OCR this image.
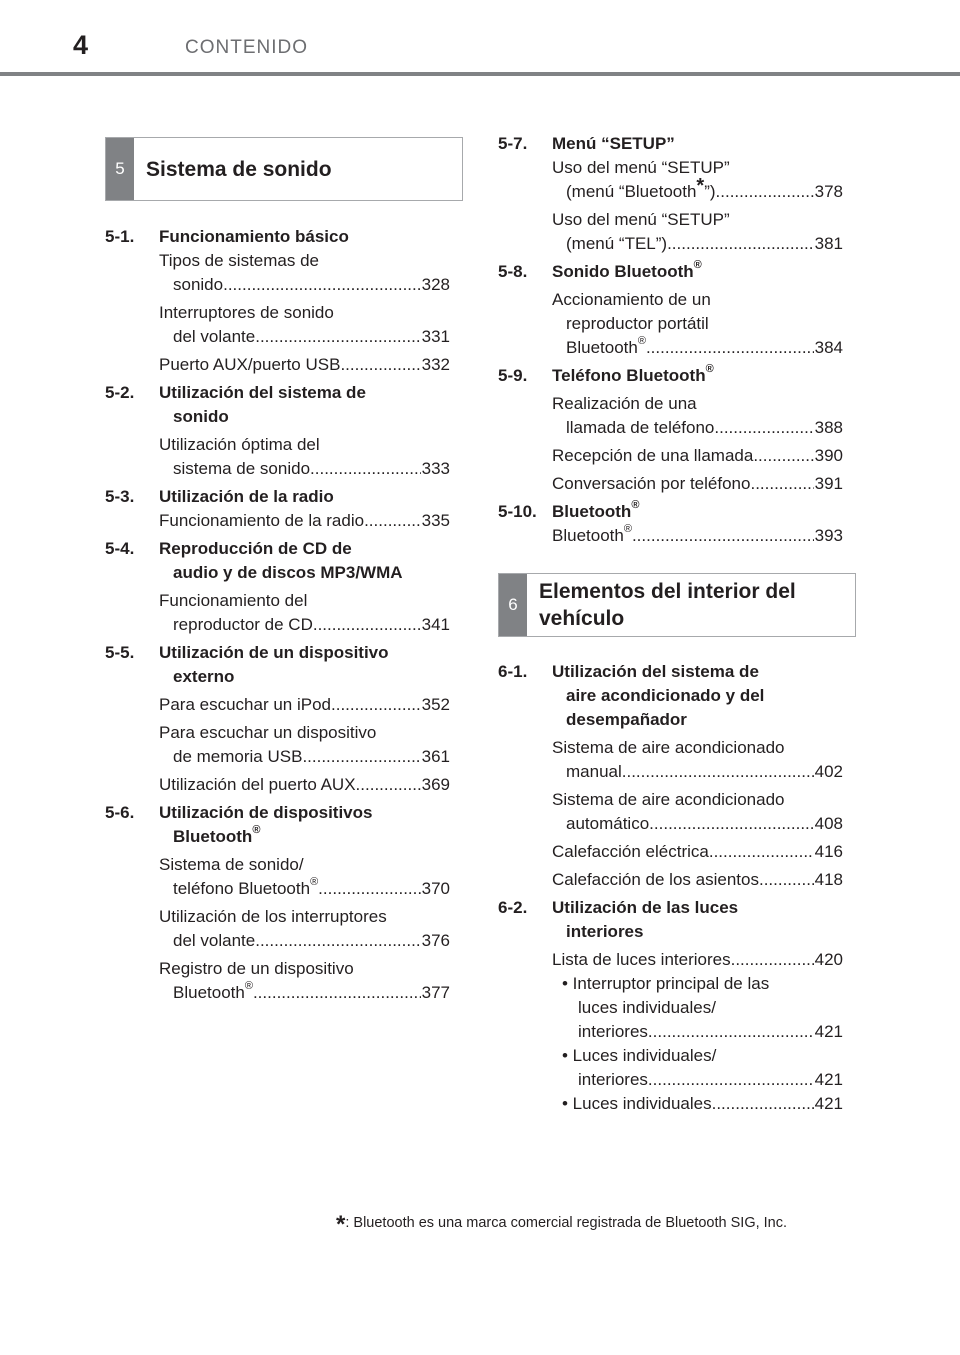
4	CONTENIDO
5	Sistema de sonido
5-1. Funcionamiento básico
Tipos de sistemas de
sonido .....	328
Interruptores de sonido
del volante .....	331
Puerto AUX/puerto USB .....	332
5-2. Utilización del sistema de
sonido
Utilización óptima del
sistema de sonido .....	333
5-3. Utilización de la radio
Funcionamiento de la radio .....	335
5-4. Reproducción de CD de
audio y de discos MP3/WMA
Funcionamiento del
reproductor de CD .....	341
5-5. Utilización de un dispositivo
externo
Para escuchar un iPod .....	352
Para escuchar un dispositivo
de memoria USB .....	361
Utilización del puerto AUX .....	369
5-6. Utilización de dispositivos
Bluetooth®
Sistema de sonido/
teléfono Bluetooth® .....	370
Utilización de los interruptores
del volante .....	376
Registro de un dispositivo
Bluetooth® .....	377
5-7. Menú “SETUP”
Uso del menú “SETUP”
(menú “Bluetooth*”) .....	378
Uso del menú “SETUP”
(menú “TEL”) .....	381
5-8. Sonido Bluetooth®
Accionamiento de un
reproductor portátil
Bluetooth® .....	384
5-9. Teléfono Bluetooth®
Realización de una
llamada de teléfono .....	388
Recepción de una llamada .....	390
Conversación por teléfono .....	391
5-10. Bluetooth®
Bluetooth® .....	393
6
Elementos del interior del
vehículo
6-1. Utilización del sistema de
aire acondicionado y del
desempañador
Sistema de aire acondicionado
manual .....	402
Sistema de aire acondicionado
automático .....	408
Calefacción eléctrica .....	416
Calefacción de los asientos .....	418
6-2. Utilización de las luces
interiores
Lista de luces interiores .....	420
• Interruptor principal de las
luces individuales/
interiores .....	421
• Luces individuales/
interiores .....	421
• Luces individuales .....	421
*: Bluetooth es una marca comercial registrada de Bluetooth SIG, Inc.
